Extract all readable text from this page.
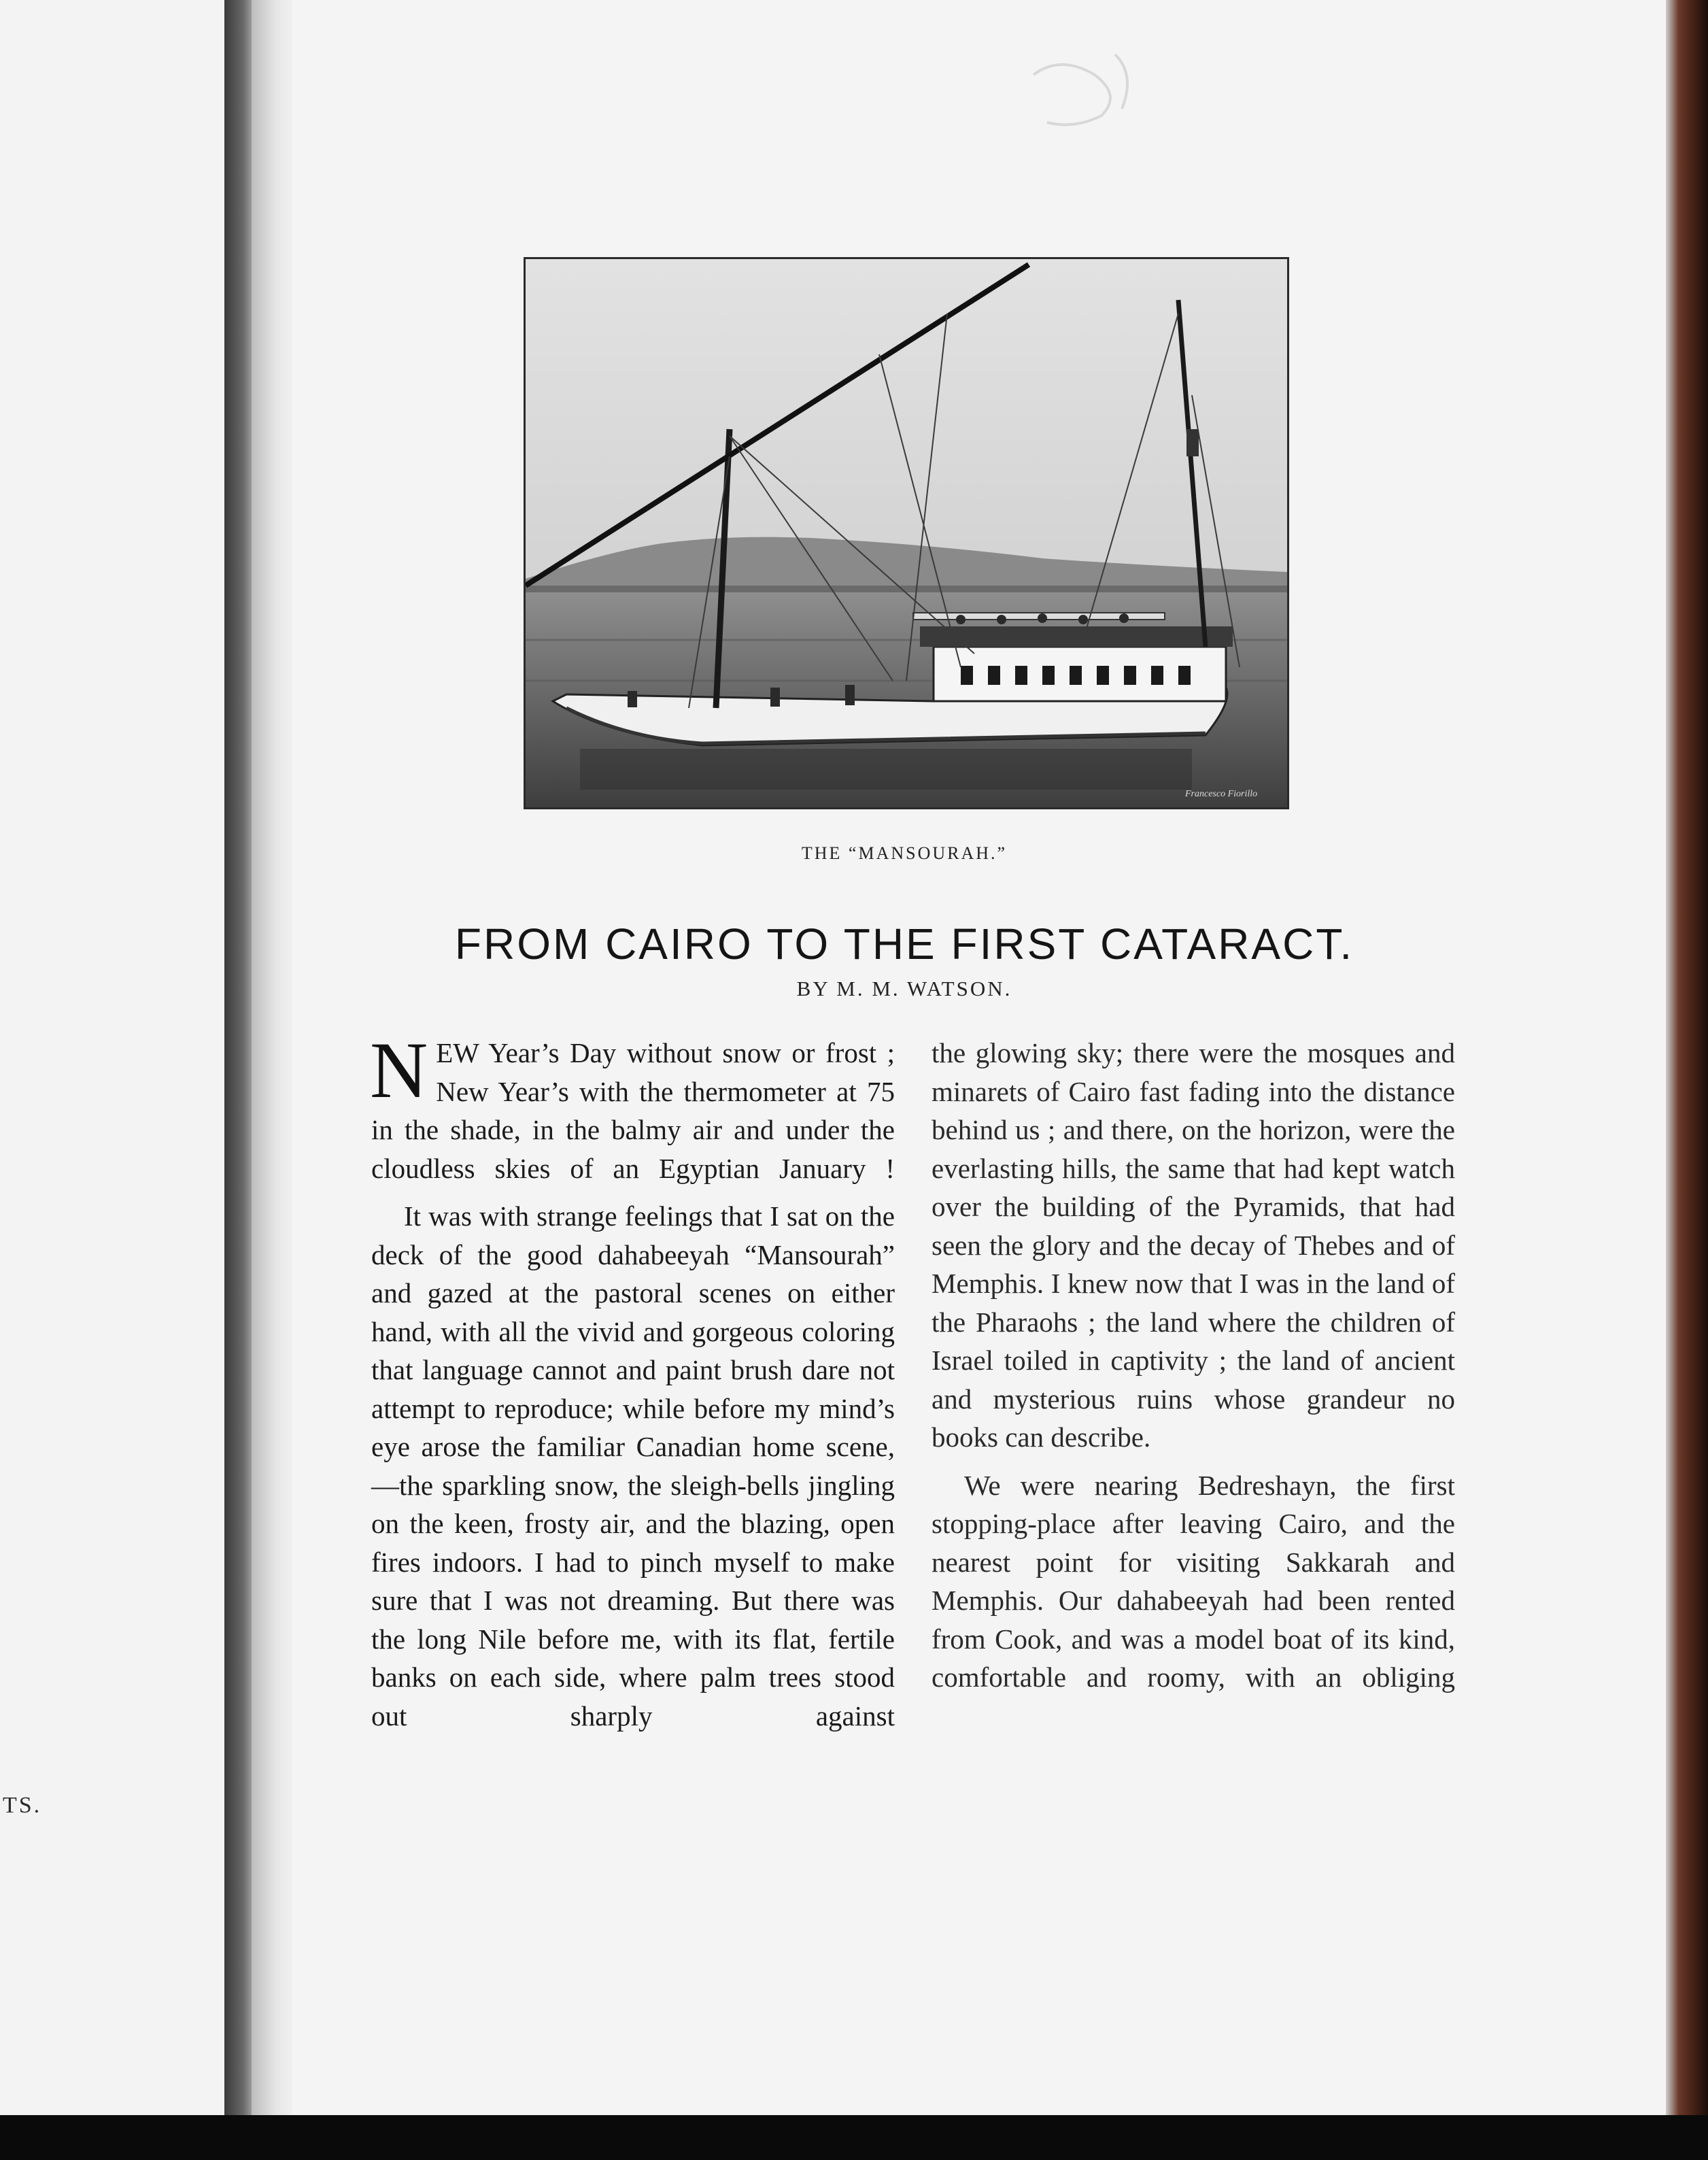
TS.
Francesco Fiorillo
THE “MANSOURAH.”
FROM CAIRO TO THE FIRST CATARACT.
BY M. M. WATSON.

NEW Year’s Day without snow or frost ; New Year’s with the thermometer at 75 in the shade, in the balmy air and under the cloudless skies of an Egyptian January !

It was with strange feelings that I sat on the deck of the good dahabeeyah “Mansourah” and gazed at the pastoral scenes on either hand, with all the vivid and gorgeous coloring that language cannot and paint brush dare not attempt to reproduce; while before my mind’s eye arose the familiar Canadian home scene,—the sparkling snow, the sleigh-bells jingling on the keen, frosty air, and the blazing, open fires indoors. I had to pinch myself to make sure that I was not dreaming. But there was the long Nile before me, with its flat, fertile banks on each side, where palm trees stood out sharply against

the glowing sky; there were the mosques and minarets of Cairo fast fading into the distance behind us ; and there, on the horizon, were the everlasting hills, the same that had kept watch over the building of the Pyramids, that had seen the glory and the decay of Thebes and of Memphis. I knew now that I was in the land of the Pharaohs ; the land where the children of Israel toiled in captivity ; the land of ancient and mysterious ruins whose grandeur no books can describe.

We were nearing Bedreshayn, the first stopping-place after leaving Cairo, and the nearest point for visiting Sakkarah and Memphis. Our dahabeeyah had been rented from Cook, and was a model boat of its kind, comfortable and roomy, with an obliging
